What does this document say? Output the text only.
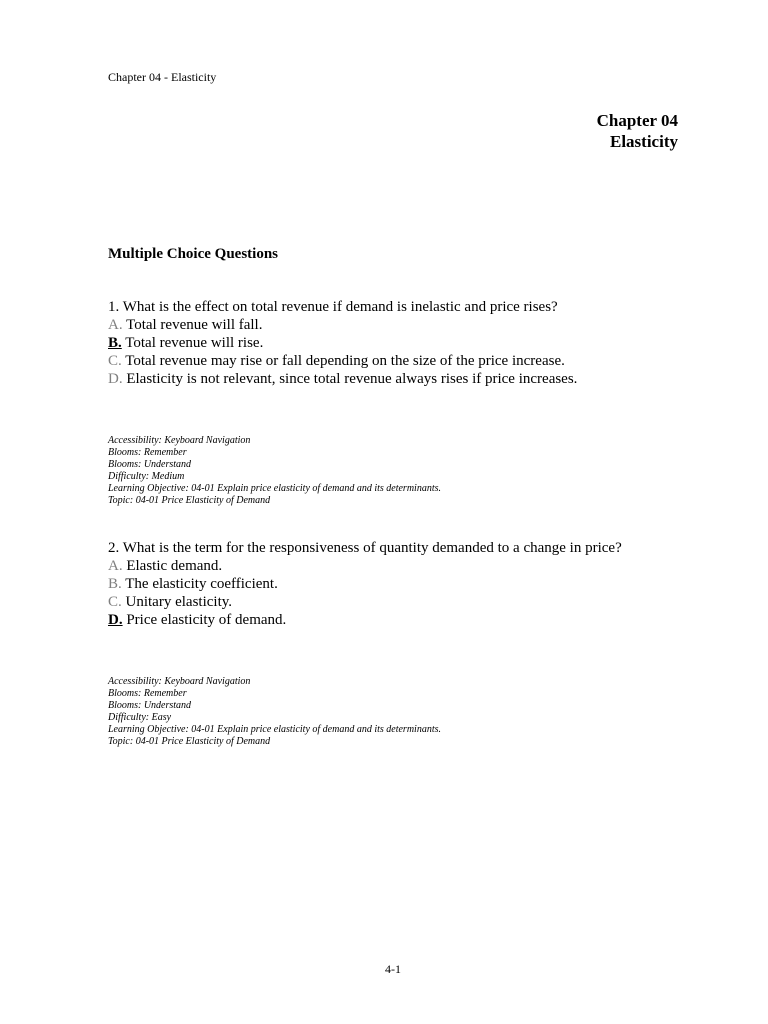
Chapter 04 - Elasticity
Chapter 04
Elasticity
Multiple Choice Questions
1. What is the effect on total revenue if demand is inelastic and price rises?
A. Total revenue will fall.
B. Total revenue will rise.
C. Total revenue may rise or fall depending on the size of the price increase.
D. Elasticity is not relevant, since total revenue always rises if price increases.
Accessibility: Keyboard Navigation
Blooms: Remember
Blooms: Understand
Difficulty: Medium
Learning Objective: 04-01 Explain price elasticity of demand and its determinants.
Topic: 04-01 Price Elasticity of Demand
2. What is the term for the responsiveness of quantity demanded to a change in price?
A. Elastic demand.
B. The elasticity coefficient.
C. Unitary elasticity.
D. Price elasticity of demand.
Accessibility: Keyboard Navigation
Blooms: Remember
Blooms: Understand
Difficulty: Easy
Learning Objective: 04-01 Explain price elasticity of demand and its determinants.
Topic: 04-01 Price Elasticity of Demand
4-1
